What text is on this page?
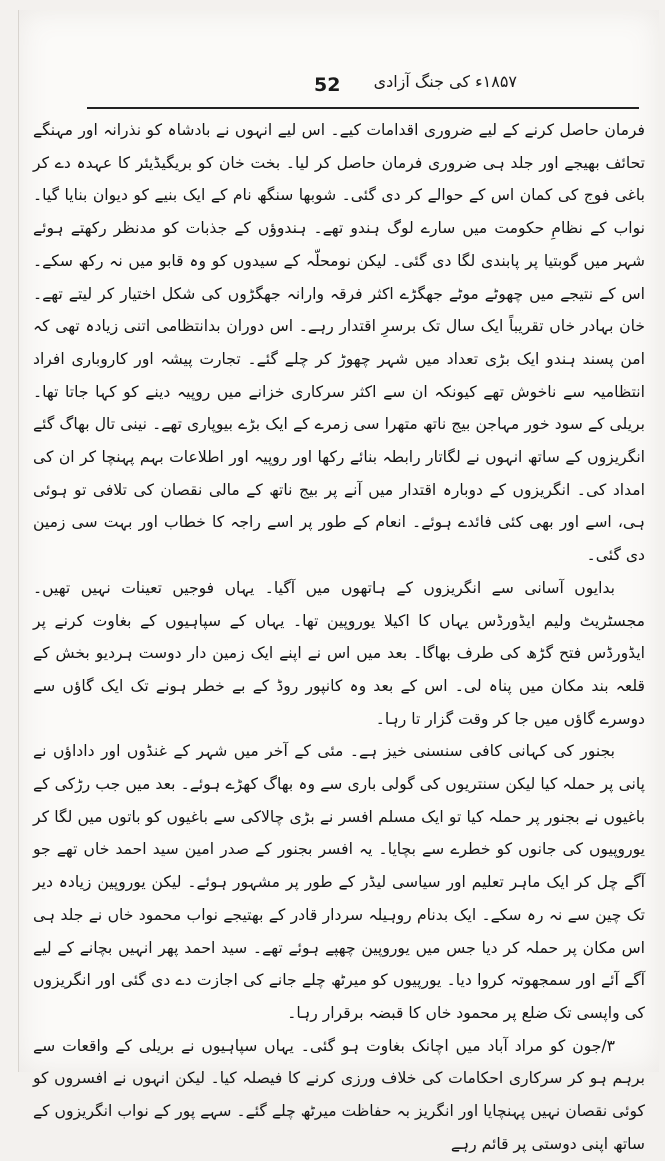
52 ۱۸۵۷ء کی جنگ آزادی

فرمان حاصل کرنے کے لیے ضروری اقدامات کیے۔ اس لیے انہوں نے بادشاہ کو نذرانہ اور مہنگے تحائف بھیجے اور جلد ہی ضروری فرمان حاصل کر لیا۔ بخت خان کو بریگیڈیئر کا عہدہ دے کر باغی فوج کی کمان اس کے حوالے کر دی گئی۔ شوبھا سنگھ نام کے ایک بنیے کو دیوان بنایا گیا۔ نواب کے نظامِ حکومت میں سارے لوگ ہندو تھے۔ ہندوؤں کے جذبات کو مدنظر رکھتے ہوئے شہر میں گوبتیا پر پابندی لگا دی گئی۔ لیکن نومحلّہ کے سیدوں کو وہ قابو میں نہ رکھ سکے۔ اس کے نتیجے میں چھوٹے موٹے جھگڑے اکثر فرقہ وارانہ جھگڑوں کی شکل اختیار کر لیتے تھے۔ خان بہادر خاں تقریباً ایک سال تک برسرِ اقتدار رہے۔ اس دوران بدانتظامی اتنی زیادہ تھی کہ امن پسند ہندو ایک بڑی تعداد میں شہر چھوڑ کر چلے گئے۔ تجارت پیشہ اور کاروباری افراد انتظامیہ سے ناخوش تھے کیونکہ ان سے اکثر سرکاری خزانے میں روپیہ دینے کو کہا جاتا تھا۔ بریلی کے سود خور مہاجن بیج ناتھ متھرا سی زمرے کے ایک بڑے بیوپاری تھے۔ نینی تال بھاگ گئے انگریزوں کے ساتھ انہوں نے لگاتار رابطہ بنائے رکھا اور روپیہ اور اطلاعات بہم پہنچا کر ان کی امداد کی۔ انگریزوں کے دوبارہ اقتدار میں آنے پر بیج ناتھ کے مالی نقصان کی تلافی تو ہوئی ہی، اسے اور بھی کئی فائدے ہوئے۔ انعام کے طور پر اسے راجہ کا خطاب اور بہت سی زمین دی گئی۔

بدایوں آسانی سے انگریزوں کے ہاتھوں میں آگیا۔ یہاں فوجیں تعینات نہیں تھیں۔ مجسٹریٹ ولیم ایڈورڈس یہاں کا اکیلا یوروپین تھا۔ یہاں کے سپاہیوں کے بغاوت کرنے پر ایڈورڈس فتح گڑھ کی طرف بھاگا۔ بعد میں اس نے اپنے ایک زمین دار دوست ہردیو بخش کے قلعہ بند مکان میں پناہ لی۔ اس کے بعد وہ کانپور روڈ کے بے خطر ہونے تک ایک گاؤں سے دوسرے گاؤں میں جا کر وقت گزار تا رہا۔

بجنور کی کہانی کافی سنسنی خیز ہے۔ مئی کے آخر میں شہر کے غنڈوں اور داداؤں نے پانی پر حملہ کیا لیکن سنتریوں کی گولی باری سے وہ بھاگ کھڑے ہوئے۔ بعد میں جب رڑکی کے باغیوں نے بجنور پر حملہ کیا تو ایک مسلم افسر نے بڑی چالاکی سے باغیوں کو باتوں میں لگا کر یوروپیوں کی جانوں کو خطرے سے بچایا۔ یہ افسر بجنور کے صدر امین سید احمد خاں تھے جو آگے چل کر ایک ماہر تعلیم اور سیاسی لیڈر کے طور پر مشہور ہوئے۔ لیکن یوروپین زیادہ دیر تک چین سے نہ رہ سکے۔ ایک بدنام روہیلہ سردار قادر کے بھتیجے نواب محمود خاں نے جلد ہی اس مکان پر حملہ کر دیا جس میں یوروپین چھپے ہوئے تھے۔ سید احمد پھر انہیں بچانے کے لیے آگے آئے اور سمجھوتہ کروا دیا۔ یورپیوں کو میرٹھ چلے جانے کی اجازت دے دی گئی اور انگریزوں کی واپسی تک ضلع پر محمود خاں کا قبضہ برقرار رہا۔

۳/جون کو مراد آباد میں اچانک بغاوت ہو گئی۔ یہاں سپاہیوں نے بریلی کے واقعات سے برہم ہو کر سرکاری احکامات کی خلاف ورزی کرنے کا فیصلہ کیا۔ لیکن انہوں نے افسروں کو کوئی نقصان نہیں پہنچایا اور انگریز بہ حفاظت میرٹھ چلے گئے۔ سہے پور کے نواب انگریزوں کے ساتھ اپنی دوستی پر قائم رہے
